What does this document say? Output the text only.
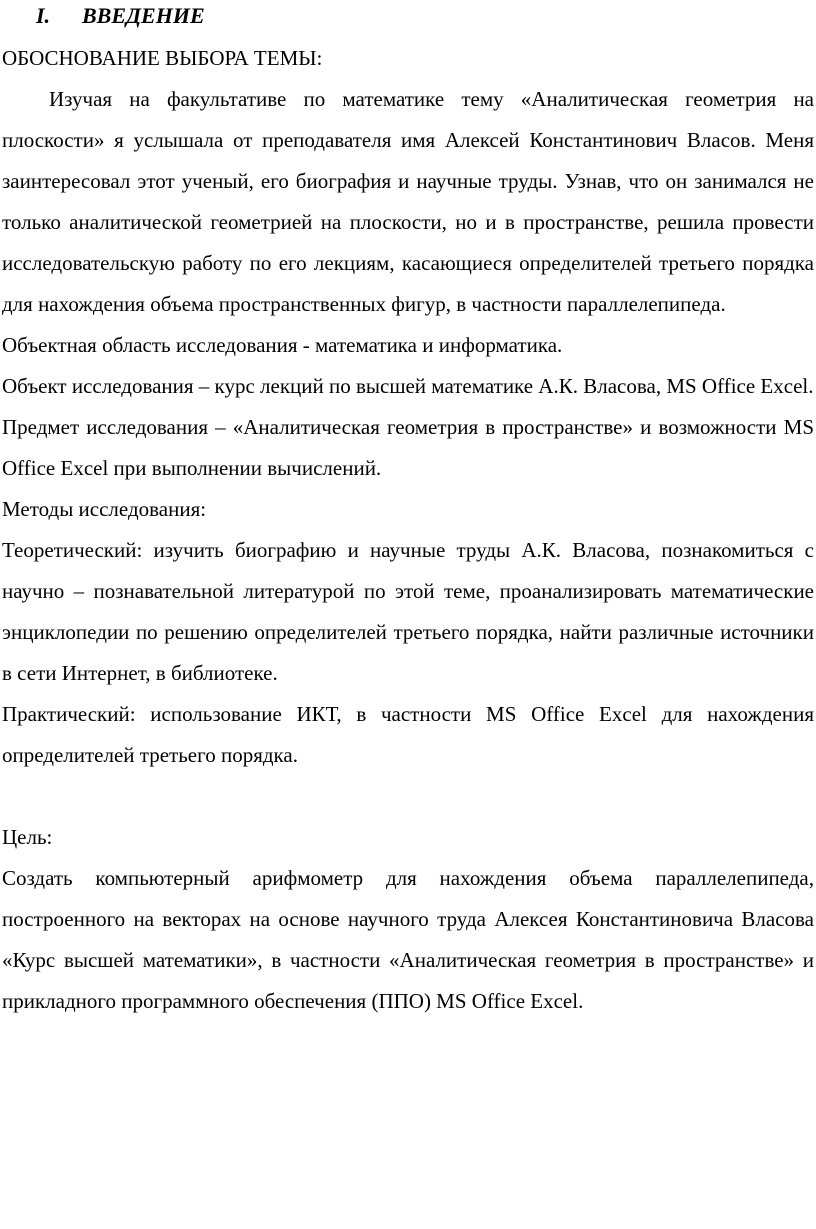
I. ВВЕДЕНИЕ

ОБОСНОВАНИЕ ВЫБОРА ТЕМЫ:

Изучая на факультативе по математике тему «Аналитическая геометрия на плоскости» я услышала от преподавателя имя Алексей Константинович Власов. Меня заинтересовал этот ученый, его биография и научные труды. Узнав, что он занимался не только аналитической геометрией на плоскости, но и в пространстве, решила провести исследовательскую работу по его лекциям, касающиеся определителей третьего порядка для нахождения объема пространственных фигур, в частности параллелепипеда.

Объектная область исследования - математика и информатика.

Объект исследования – курс лекций по высшей математике А.К. Власова, MS Office Excel.

Предмет исследования – «Аналитическая геометрия в пространстве» и возможности MS Office Excel при выполнении вычислений.

Методы исследования:

Теоретический: изучить биографию и научные труды А.К. Власова, познакомиться с научно – познавательной литературой по этой теме, проанализировать математические энциклопедии по решению определителей третьего порядка, найти различные источники в сети Интернет, в библиотеке.

Практический: использование ИКТ, в частности MS Office Excel для нахождения определителей третьего порядка.

Цель:

Создать компьютерный арифмометр для нахождения объема параллелепипеда, построенного на векторах на основе научного труда Алексея Константиновича Власова «Курс высшей математики», в частности «Аналитическая геометрия в пространстве» и прикладного программного обеспечения (ППО) MS Office Excel.
